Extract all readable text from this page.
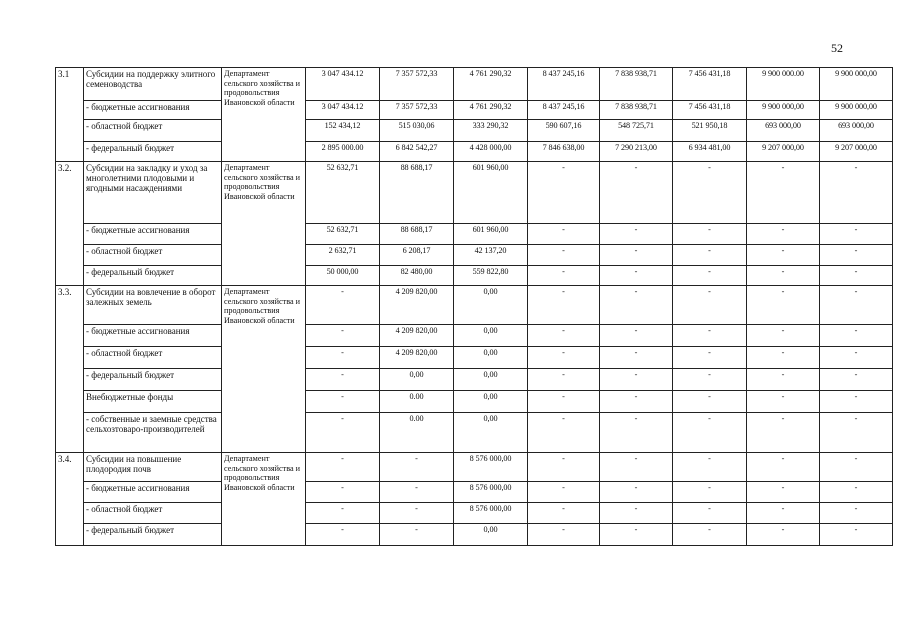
52
3.1	Субсидии на поддержку элитного семеноводства	Департамент сельского хозяйства и продовольствия Ивановской области	3 047 434.12	7 357 572,33	4 761 290,32	8 437 245,16	7 838 938,71	7 456 431,18	9 900 000.00	9 900 000,00
	- бюджетные ассигнования		3 047 434.12	7 357 572,33	4 761 290,32	8 437 245,16	7 838 938,71	7 456 431,18	9 900 000,00	9 900 000,00
	- областной бюджет		152 434,12	515 030,06	333 290,32	590 607,16	548 725,71	521 950,18	693 000,00	693 000,00
	- федеральный бюджет		2 895 000.00	6 842 542,27	4 428 000,00	7 846 638,00	7 290 213,00	6 934 481,00	9 207 000,00	9 207 000,00
3.2.	Субсидии на закладку и уход за многолетними плодовыми и ягодными насаждениями	Департамент сельского хозяйства и продовольствия Ивановской области	52 632,71	88 688,17	601 960,00	-	-	-	-	-
	- бюджетные ассигнования		52 632,71	88 688,17	601 960,00	-	-	-	-	-
	- областной бюджет		2 632,71	6 208,17	42 137,20	-	-	-	-	-
	- федеральный бюджет		50 000,00	82 480,00	559 822,80	-	-	-	-	-
3.3.	Субсидии на вовлечение в оборот залежных земель	Департамент сельского хозяйства и продовольствия Ивановской области	-	4 209 820,00	0,00	-	-	-	-	-
	- бюджетные ассигнования		-	4 209 820,00	0,00	-	-	-	-	-
	- областной бюджет		-	4 209 820,00	0,00	-	-	-	-	-
	- федеральный бюджет		-	0,00	0,00	-	-	-	-	-
	Внебюджетные фонды		-	0.00	0,00	-	-	-	-	-
	- собственные и заемные средства сельхозтоваро-производителей		-	0.00	0,00	-	-	-	-	-
3.4.	Субсидии на повышение плодородия почв	Департамент сельского хозяйства и продовольствия Ивановской области	-	-	8 576 000,00	-	-	-	-	-
	- бюджетные ассигнования		-	-	8 576 000,00	-	-	-	-	-
	- областной бюджет		-	-	8 576 000,00	-	-	-	-	-
	- федеральный бюджет		-	-	0,00	-	-	-	-	-
